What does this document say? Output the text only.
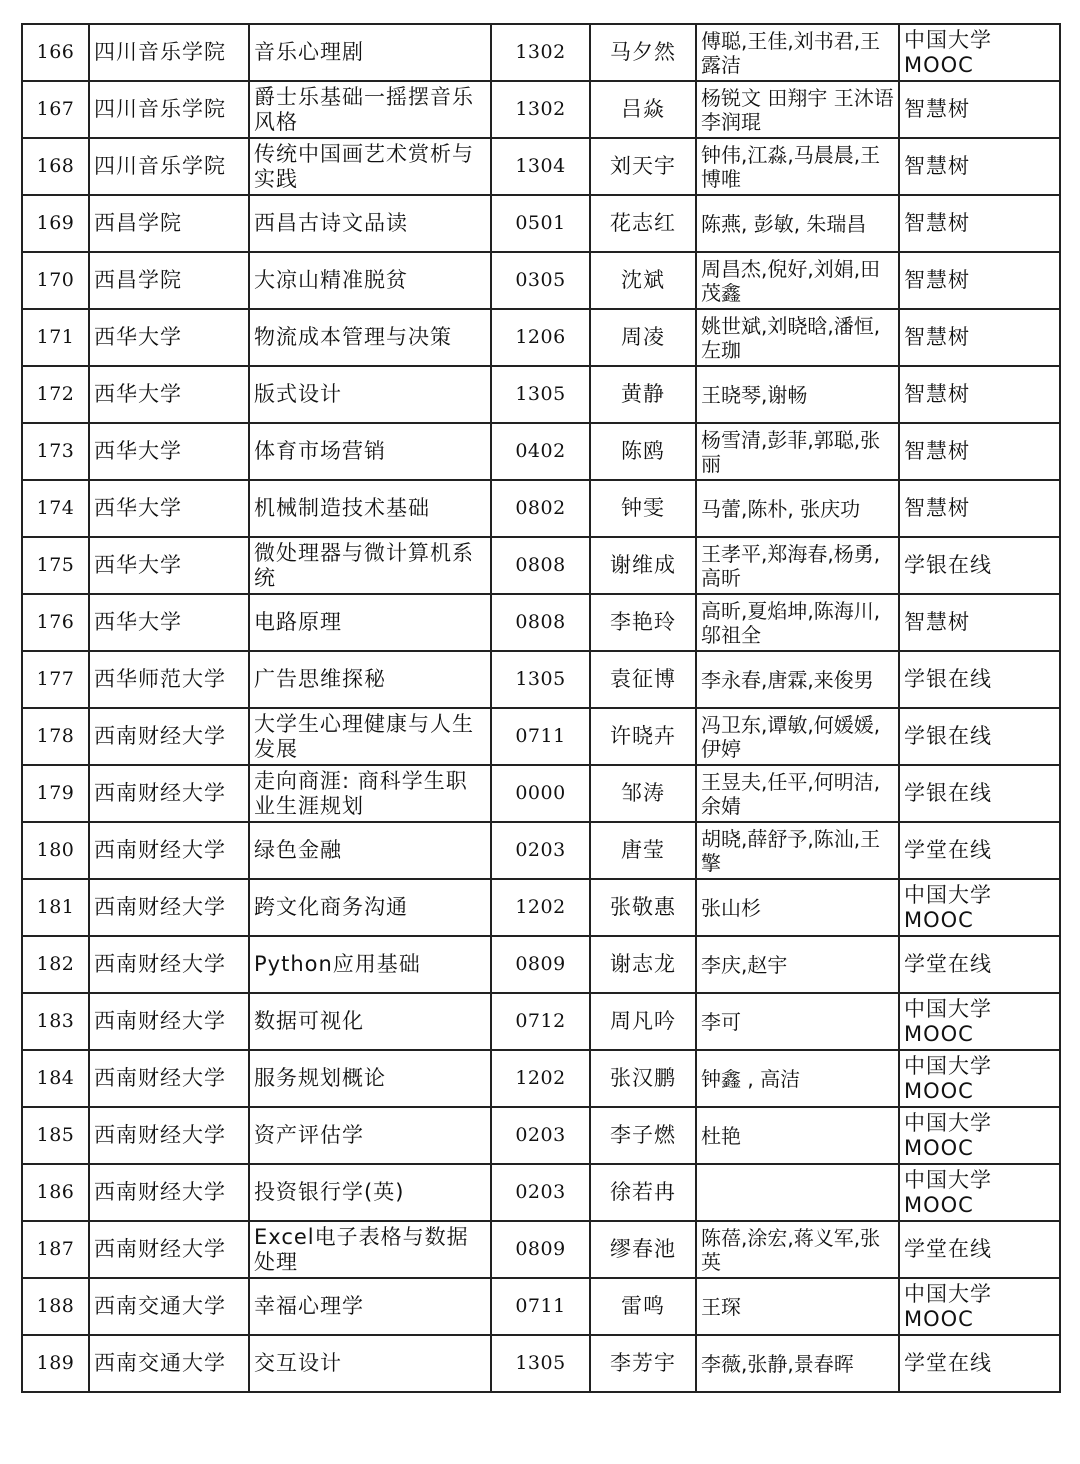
166	四川音乐学院	音乐心理剧	1302	马夕然	傅聪,王佳,刘书君,王露洁	中国大学MOOC
167	四川音乐学院	爵士乐基础一摇摆音乐风格	1302	吕焱	杨锐文 田翔宇 王沐语 李润琨	智慧树
168	四川音乐学院	传统中国画艺术赏析与实践	1304	刘天宇	钟伟,江淼,马晨晨,王博唯	智慧树
169	西昌学院	西昌古诗文品读	0501	花志红	陈燕, 彭敏, 朱瑞昌	智慧树
170	西昌学院	大凉山精准脱贫	0305	沈斌	周昌杰,倪好,刘娟,田茂鑫	智慧树
171	西华大学	物流成本管理与决策	1206	周凌	姚世斌,刘晓晗,潘恒,左珈	智慧树
172	西华大学	版式设计	1305	黄静	王晓琴,谢畅	智慧树
173	西华大学	体育市场营销	0402	陈鸥	杨雪清,彭菲,郭聪,张丽	智慧树
174	西华大学	机械制造技术基础	0802	钟雯	马蕾,陈朴, 张庆功	智慧树
175	西华大学	微处理器与微计算机系统	0808	谢维成	王孝平,郑海春,杨勇,高昕	学银在线
176	西华大学	电路原理	0808	李艳玲	高昕,夏焰坤,陈海川,邬祖全	智慧树
177	西华师范大学	广告思维探秘	1305	袁征博	李永春,唐霖,来俊男	学银在线
178	西南财经大学	大学生心理健康与人生发展	0711	许晓卉	冯卫东,谭敏,何媛媛,伊婷	学银在线
179	西南财经大学	走向商涯: 商科学生职业生涯规划	0000	邹涛	王昱夫,任平,何明洁,余婧	学银在线
180	西南财经大学	绿色金融	0203	唐莹	胡晓,薛舒予,陈汕,王擎	学堂在线
181	西南财经大学	跨文化商务沟通	1202	张敬惠	张山杉	中国大学MOOC
182	西南财经大学	Python应用基础	0809	谢志龙	李庆,赵宇	学堂在线
183	西南财经大学	数据可视化	0712	周凡吟	李可	中国大学MOOC
184	西南财经大学	服务规划概论	1202	张汉鹏	钟鑫 , 高洁	中国大学MOOC
185	西南财经大学	资产评估学	0203	李子燃	杜艳	中国大学MOOC
186	西南财经大学	投资银行学(英)	0203	徐若冉		中国大学MOOC
187	西南财经大学	Excel电子表格与数据处理	0809	缪春池	陈蓓,涂宏,蒋义军,张英	学堂在线
188	西南交通大学	幸福心理学	0711	雷鸣	王琛	中国大学MOOC
189	西南交通大学	交互设计	1305	李芳宇	李薇,张静,景春晖	学堂在线
